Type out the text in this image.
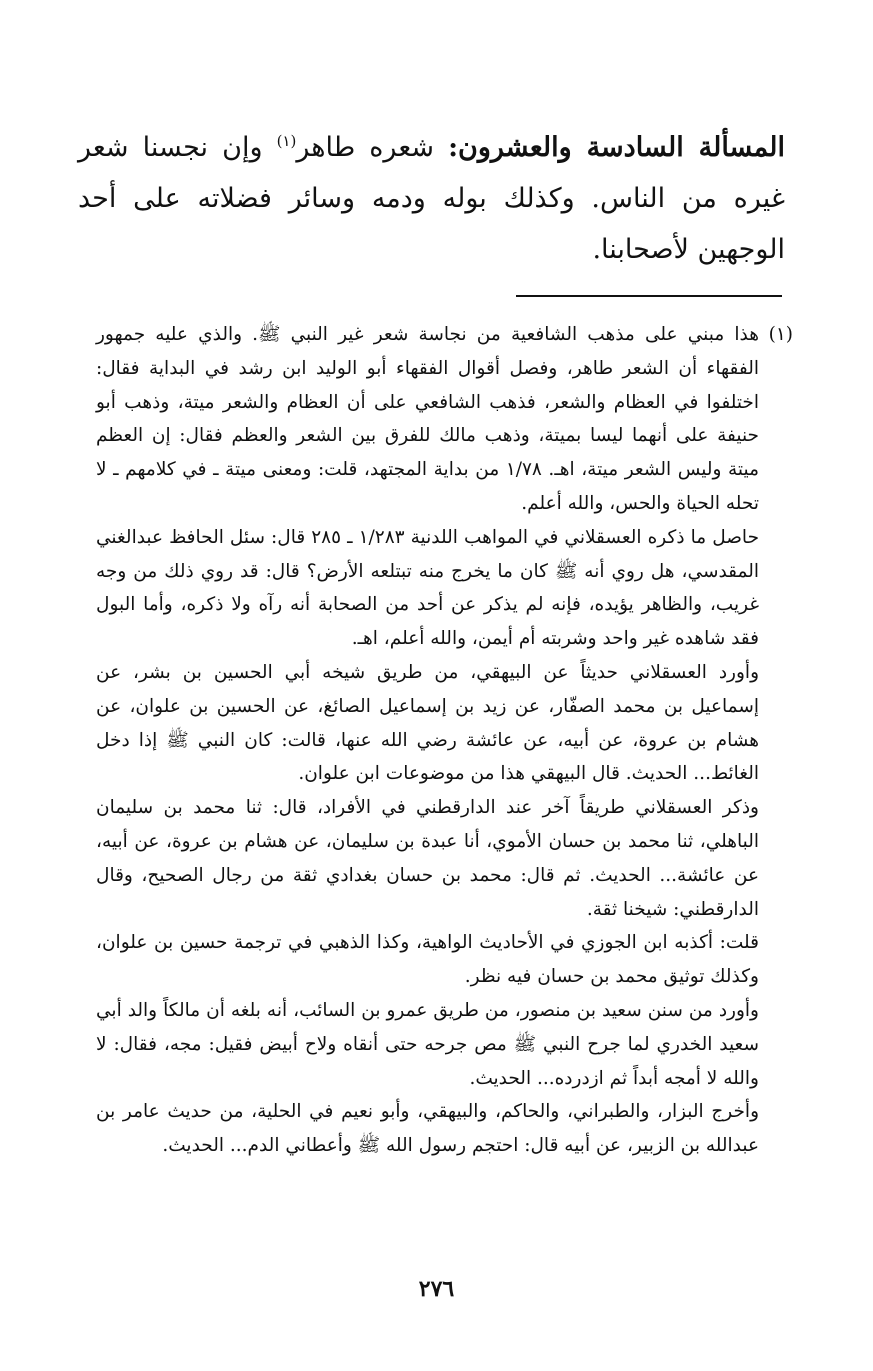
المسألة السادسة والعشرون: شعره طاهر$^{(١)}$ وإن نجسنا شعر غيره من الناس. وكذلك بوله ودمه وسائر فضلاته على أحد الوجهين لأصحابنا.
(١)

هذا مبني على مذهب الشافعية من نجاسة شعر غير النبي ﷺ. والذي عليه جمهور الفقهاء أن الشعر طاهر، وفصل أقوال الفقهاء أبو الوليد ابن رشد في البداية فقال: اختلفوا في العظام والشعر، فذهب الشافعي على أن العظام والشعر ميتة، وذهب أبو حنيفة على أنهما ليسا بميتة، وذهب مالك للفرق بين الشعر والعظم فقال: إن العظم ميتة وليس الشعر ميتة، اهـ. ١/٧٨ من بداية المجتهد، قلت: ومعنى ميتة ـ في كلامهم ـ لا تحله الحياة والحس، والله أعلم.

حاصل ما ذكره العسقلاني في المواهب اللدنية ١/٢٨٣ ـ ٢٨٥ قال: سئل الحافظ عبدالغني المقدسي، هل روي أنه ﷺ كان ما يخرج منه تبتلعه الأرض؟ قال: قد روي ذلك من وجه غريب، والظاهر يؤيده، فإنه لم يذكر عن أحد من الصحابة أنه رآه ولا ذكره، وأما البول فقد شاهده غير واحد وشربته أم أيمن، والله أعلم، اهـ.

وأورد العسقلاني حديثاً عن البيهقي، من طريق شيخه أبي الحسين بن بشر، عن إسماعيل بن محمد الصفّار، عن زيد بن إسماعيل الصائغ، عن الحسين بن علوان، عن هشام بن عروة، عن أبيه، عن عائشة رضي الله عنها، قالت: كان النبي ﷺ إذا دخل الغائط... الحديث. قال البيهقي هذا من موضوعات ابن علوان.

وذكر العسقلاني طريقاً آخر عند الدارقطني في الأفراد، قال: ثنا محمد بن سليمان الباهلي، ثنا محمد بن حسان الأموي، أنا عبدة بن سليمان، عن هشام بن عروة، عن أبيه، عن عائشة... الحديث. ثم قال: محمد بن حسان بغدادي ثقة من رجال الصحيح، وقال الدارقطني: شيخنا ثقة.

قلت: أكذبه ابن الجوزي في الأحاديث الواهية، وكذا الذهبي في ترجمة حسين بن علوان، وكذلك توثيق محمد بن حسان فيه نظر.

وأورد من سنن سعيد بن منصور، من طريق عمرو بن السائب، أنه بلغه أن مالكاً والد أبي سعيد الخدري لما جرح النبي ﷺ مص جرحه حتى أنقاه ولاح أبيض فقيل: مجه، فقال: لا والله لا أمجه أبداً ثم ازدرده... الحديث.

وأخرج البزار، والطبراني، والحاكم، والبيهقي، وأبو نعيم في الحلية، من حديث عامر بن عبدالله بن الزبير، عن أبيه قال: احتجم رسول الله ﷺ وأعطاني الدم... الحديث.

٢٧٦
